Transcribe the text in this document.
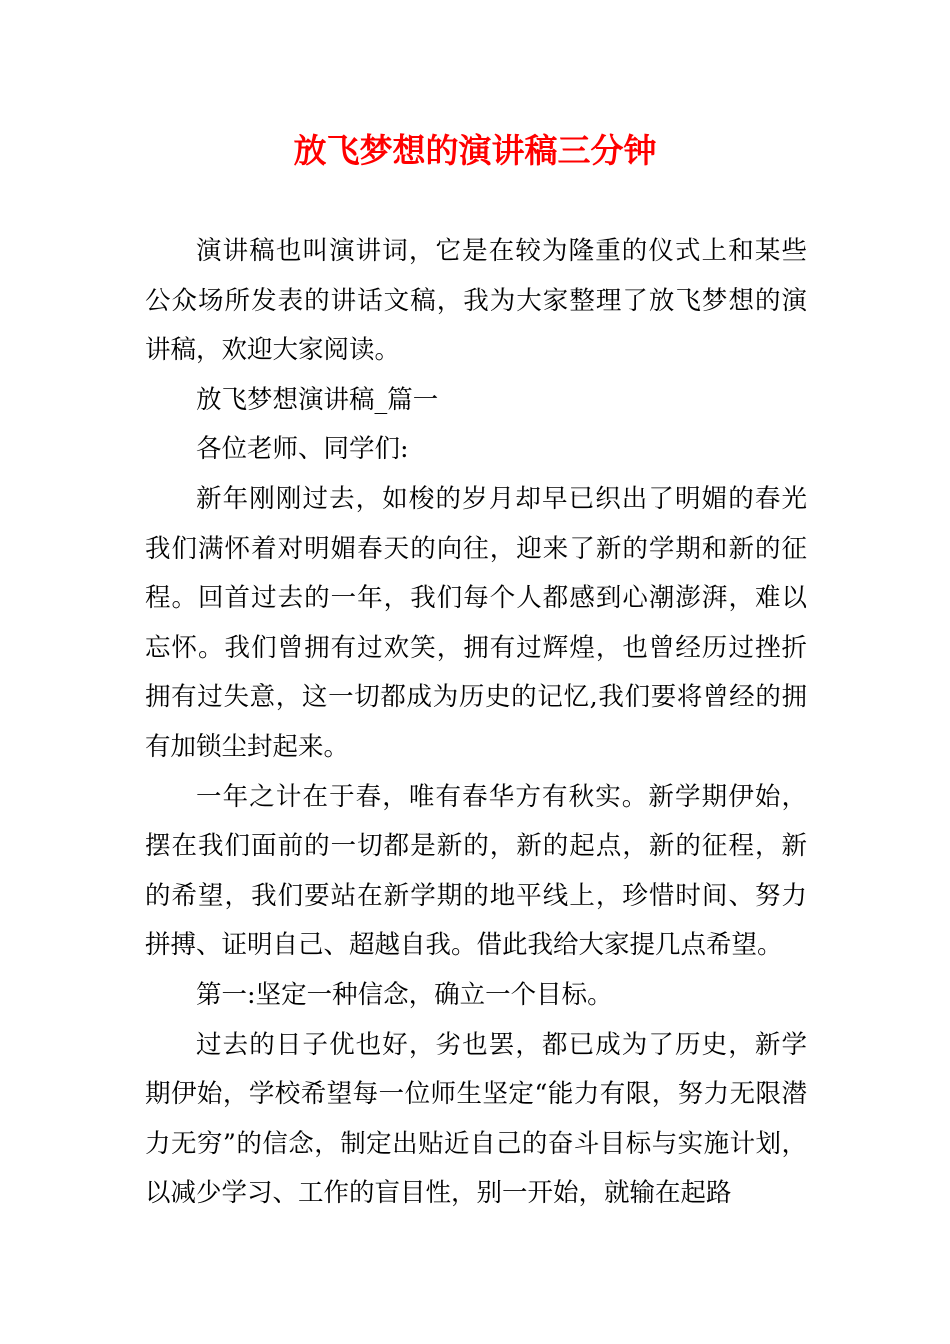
放飞梦想的演讲稿三分钟

演讲稿也叫演讲词，它是在较为隆重的仪式上和某些公众场所发表的讲话文稿，我为大家整理了放飞梦想的演讲稿，欢迎大家阅读。

放飞梦想演讲稿_篇一

各位老师、同学们:

新年刚刚过去，如梭的岁月却早已织出了明媚的春光我们满怀着对明媚春天的向往，迎来了新的学期和新的征程。回首过去的一年，我们每个人都感到心潮澎湃，难以忘怀。我们曾拥有过欢笑，拥有过辉煌，也曾经历过挫折拥有过失意，这一切都成为历史的记忆,我们要将曾经的拥有加锁尘封起来。

一年之计在于春，唯有春华方有秋实。新学期伊始，摆在我们面前的一切都是新的，新的起点，新的征程，新的希望，我们要站在新学期的地平线上，珍惜时间、努力拼搏、证明自己、超越自我。借此我给大家提几点希望。

第一:坚定一种信念，确立一个目标。

过去的日子优也好，劣也罢，都已成为了历史，新学期伊始，学校希望每一位师生坚定“能力有限，努力无限潜力无穷”的信念，制定出贴近自己的奋斗目标与实施计划，以减少学习、工作的盲目性，别一开始，就输在起路
